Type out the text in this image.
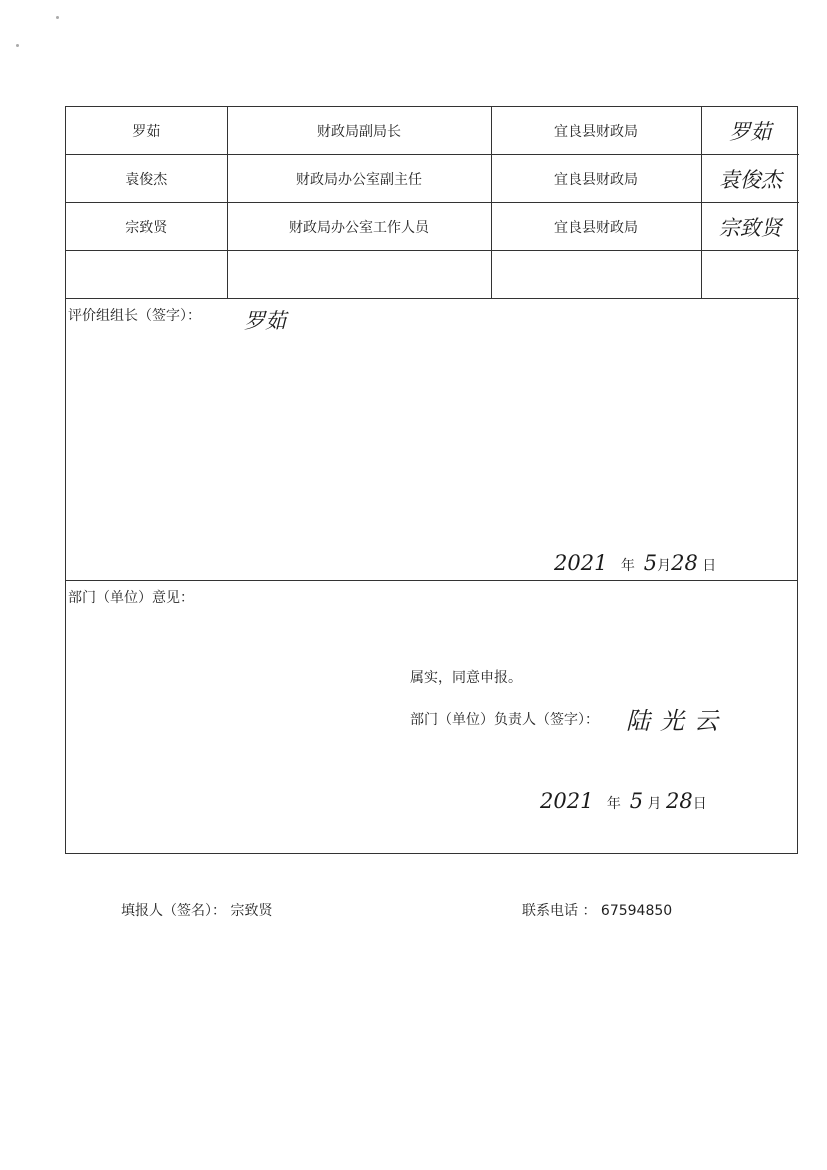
罗茹	财政局副局长	宜良县财政局	罗茹
袁俊杰	财政局办公室副主任	宜良县财政局	袁俊杰
宗致贤	财政局办公室工作人员	宜良县财政局	宗致贤

评价组组长（签字）： 罗茹
2021 年 5月28 日
部门（单位）意见：
属实，同意申报。
部门（单位）负责人（签字）： 陆光云
2021 年 5 月 28日
填报人（签名）： 宗致贤	联系电话 ： 67594850
